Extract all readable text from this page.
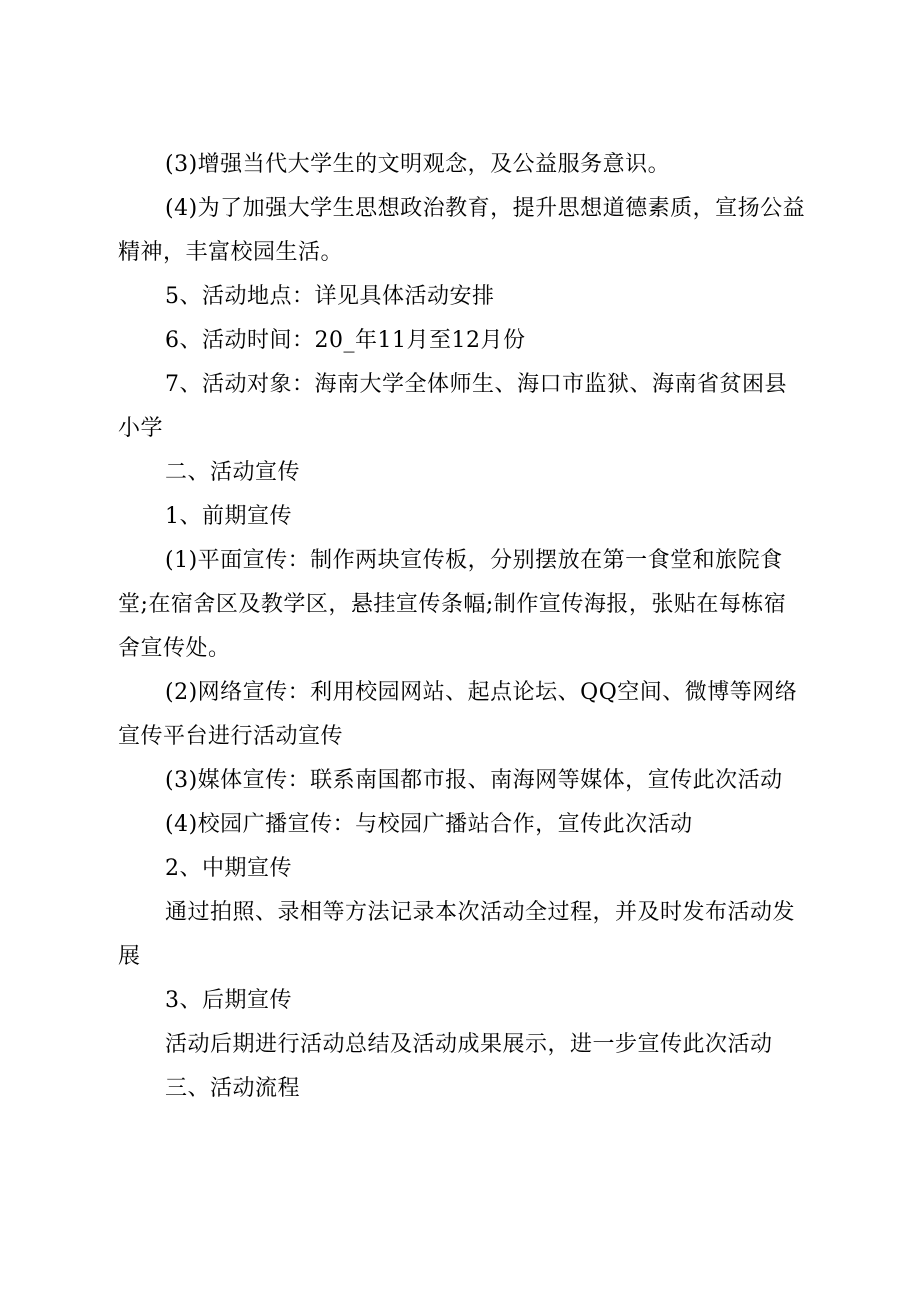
(3)增强当代大学生的文明观念，及公益服务意识。

(4)为了加强大学生思想政治教育，提升思想道德素质，宣扬公益精神，丰富校园生活。

5、活动地点：详见具体活动安排

6、活动时间：20_年11月至12月份

7、活动对象：海南大学全体师生、海口市监狱、海南省贫困县小学

二、活动宣传

1、前期宣传

(1)平面宣传：制作两块宣传板，分别摆放在第一食堂和旅院食堂;在宿舍区及教学区，悬挂宣传条幅;制作宣传海报，张贴在每栋宿舍宣传处。

(2)网络宣传：利用校园网站、起点论坛、QQ空间、微博等网络宣传平台进行活动宣传

(3)媒体宣传：联系南国都市报、南海网等媒体，宣传此次活动

(4)校园广播宣传：与校园广播站合作，宣传此次活动

2、中期宣传

通过拍照、录相等方法记录本次活动全过程，并及时发布活动发展

3、后期宣传

活动后期进行活动总结及活动成果展示，进一步宣传此次活动

三、活动流程
